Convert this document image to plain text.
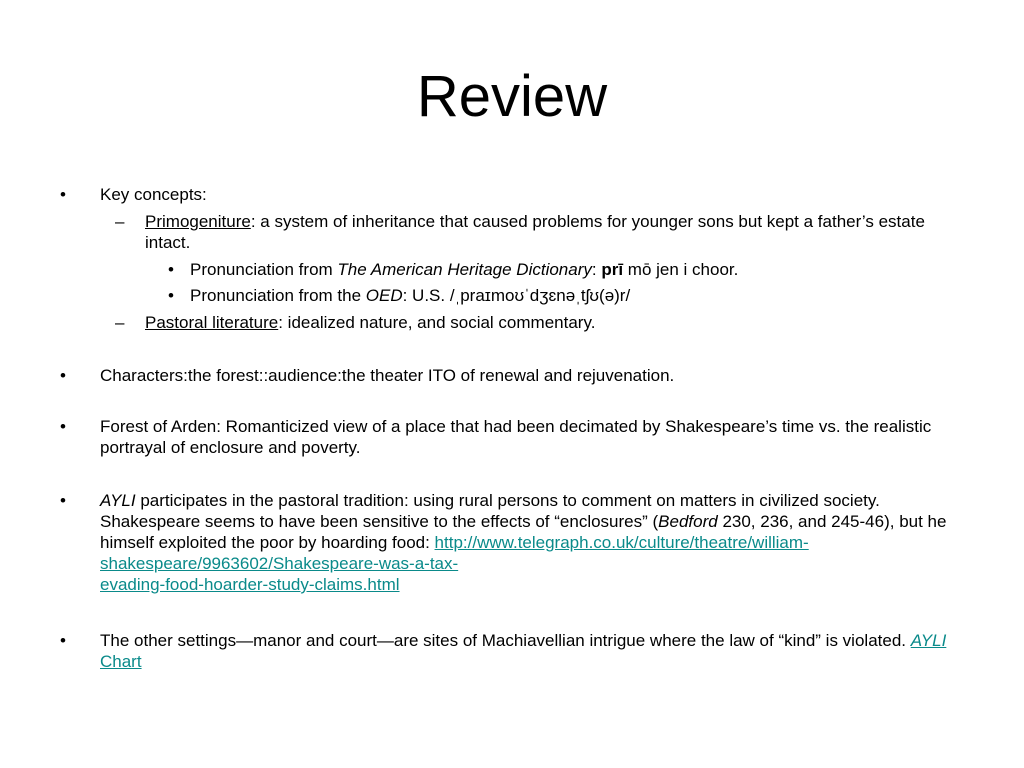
Review
• Key concepts:
– Primogeniture: a system of inheritance that caused problems for younger sons but kept a father’s estate intact.
• Pronunciation from The American Heritage Dictionary: prī mō jen i choor.
• Pronunciation from the OED: U.S. /ˌpraɪmoʊˈdʒɛnəˌtʃʊ(ə)r/
– Pastoral literature: idealized nature, and social commentary.
• Characters:the forest::audience:the theater ITO of renewal and rejuvenation.
• Forest of Arden: Romanticized view of a place that had been decimated by Shakespeare’s time vs. the realistic portrayal of enclosure and poverty.
• AYLI participates in the pastoral tradition: using rural persons to comment on matters in civilized society. Shakespeare seems to have been sensitive to the effects of “enclosures” (Bedford 230, 236, and 245-46), but he himself exploited the poor by hoarding food: http://www.telegraph.co.uk/culture/theatre/william-shakespeare/9963602/Shakespeare-was-a-tax-
evading-food-hoarder-study-claims.html
• The other settings—manor and court—are sites of Machiavellian intrigue where the law of “kind” is violated. AYLI Chart
